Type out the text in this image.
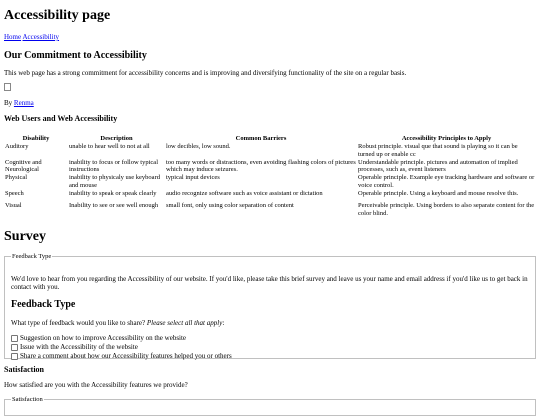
Accessibility page
Home Accessibility
Our Commitment to Accessibility

This web page has a strong commitment for accessibility concerns and is improving and diversifying functionality of the site on a regular basis.

By Renma

Web Users and Web Accessibility
Disability	Description	Common Barriers	Accessibility Principles to Apply
Auditory	unable to hear well to not at all	low decibles, low sound.	Robust principle. visual que that sound is playing so it can be turned up or enable cc
Cognitive and Neurological	inability to focus or follow typical instructions	too many words or distractions, even avoiding flashing colors of pictures which may induce seizures.	Understandable principle. pictures and automation of implied processes, such as, event listeners
Physical	inability to physicaly use keyboard and mouse	typical input devices	Operable principle. Example eye tracking hardware and software or voice control.
Speech	inability to speak or speak clearly	audio recognize software such as voice assistant or dictation	Operable principle. Using a keyboard and mouse resolve this.
Visual	Inability to see or see well enough	small font, only using color separation of content	Perceivable principle. Using borders to also separate content for the color blind.
Survey
Feedback Type

We'd love to hear from you regarding the Accessibility of our website. If you'd like, please take this brief survey and leave us your name and email address if you'd like us to get back in contact with you.

Feedback Type

What type of feedback would you like to share? Please select all that apply:

Suggestion on how to improve Accessibility on the website
Issue with the Accessibility of the website
Share a comment about how our Accessibility features helped you or others
Satisfaction

How satisfied are you with the Accessibility features we provide?

Satisfaction
